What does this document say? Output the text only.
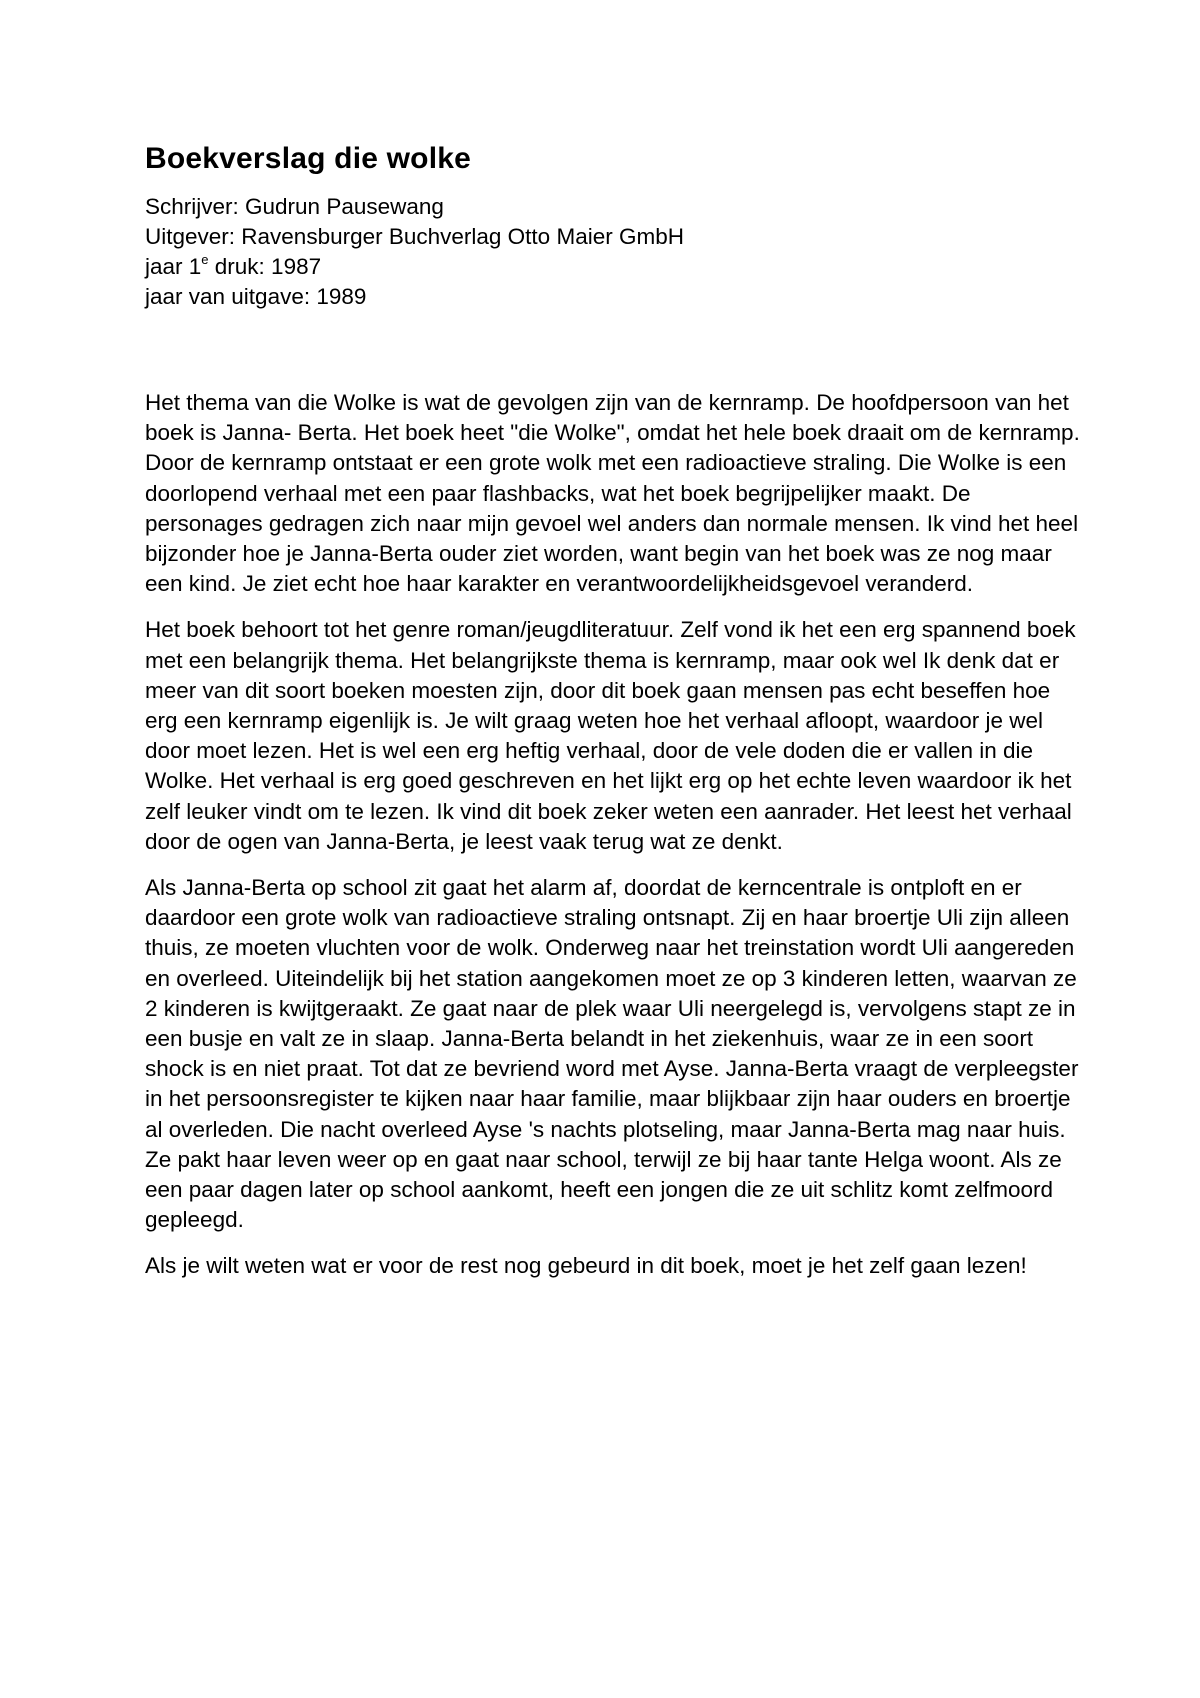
Boekverslag die wolke

Schrijver: Gudrun Pausewang

Uitgever: Ravensburger Buchverlag Otto Maier GmbH

jaar 1e druk: 1987

jaar van uitgave: 1989

Het thema van die Wolke is wat de gevolgen zijn van de kernramp. De hoofdpersoon van het boek is Janna- Berta. Het boek heet "die Wolke", omdat het hele boek draait om de kernramp. Door de kernramp ontstaat er een grote wolk met een radioactieve straling. Die Wolke is een doorlopend verhaal met een paar flashbacks, wat het boek begrijpelijker maakt. De personages gedragen zich naar mijn gevoel wel anders dan normale mensen. Ik vind het heel bijzonder hoe je Janna-Berta ouder ziet worden, want begin van het boek was ze nog maar een kind. Je ziet echt hoe haar karakter en verantwoordelijkheidsgevoel veranderd.

Het boek behoort tot het genre roman/jeugdliteratuur. Zelf vond ik het een erg spannend boek met een belangrijk thema. Het belangrijkste thema is kernramp, maar ook wel Ik denk dat er meer van dit soort boeken moesten zijn, door dit boek gaan mensen pas echt beseffen hoe erg een kernramp eigenlijk is. Je wilt graag weten hoe het verhaal afloopt, waardoor je wel door moet lezen. Het is wel een erg heftig verhaal, door de vele doden die er vallen in die Wolke. Het verhaal is erg goed geschreven en het lijkt erg op het echte leven waardoor ik het zelf leuker vindt om te lezen. Ik vind dit boek zeker weten een aanrader. Het leest het verhaal door de ogen van Janna-Berta, je leest vaak terug wat ze denkt.

Als Janna-Berta op school zit gaat het alarm af, doordat de kerncentrale is ontploft en er daardoor een grote wolk van radioactieve straling ontsnapt. Zij en haar broertje Uli zijn alleen thuis, ze moeten vluchten voor de wolk. Onderweg naar het treinstation wordt Uli aangereden en overleed. Uiteindelijk bij het station aangekomen moet ze op 3 kinderen letten, waarvan ze 2 kinderen is kwijtgeraakt. Ze gaat naar de plek waar Uli neergelegd is, vervolgens stapt ze in een busje en valt ze in slaap. Janna-Berta belandt in het ziekenhuis, waar ze in een soort shock is en niet praat. Tot dat ze bevriend word met Ayse. Janna-Berta vraagt de verpleegster in het persoonsregister te kijken naar haar familie, maar blijkbaar zijn haar ouders en broertje al overleden. Die nacht overleed Ayse 's nachts plotseling, maar Janna-Berta mag naar huis. Ze pakt haar leven weer op en gaat naar school, terwijl ze bij haar tante Helga woont. Als ze een paar dagen later op school aankomt, heeft een jongen die ze uit schlitz komt zelfmoord gepleegd.

Als je wilt weten wat er voor de rest nog gebeurd in dit boek, moet je het zelf gaan lezen!
